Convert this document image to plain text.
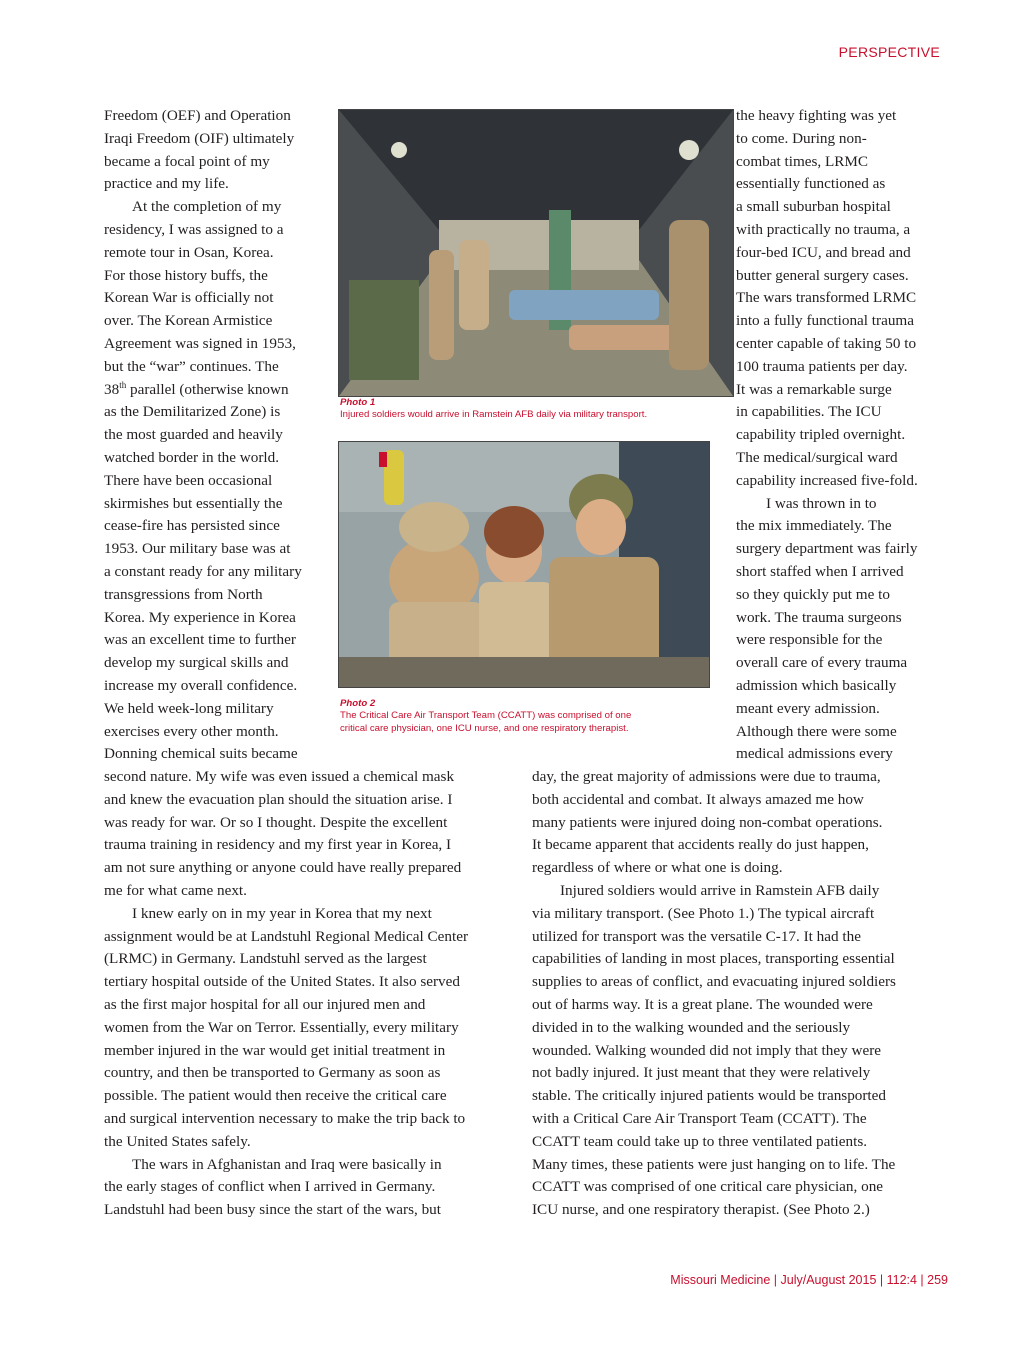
PERSPECTIVE
Freedom (OEF) and Operation
Iraqi Freedom (OIF) ultimately
became a focal point of my
practice and my life.
At the completion of my
residency, I was assigned to a
remote tour in Osan, Korea.
For those history buffs, the
Korean War is officially not
over. The Korean Armistice
Agreement was signed in 1953,
but the “war” continues. The
38th parallel (otherwise known
as the Demilitarized Zone) is
the most guarded and heavily
watched border in the world.
There have been occasional
skirmishes but essentially the
cease-fire has persisted since
1953. Our military base was at
a constant ready for any military
transgressions from North
Korea. My experience in Korea
was an excellent time to further
develop my surgical skills and
increase my overall confidence.
We held week-long military
exercises every other month.
Donning chemical suits became
second nature. My wife was even issued a chemical mask
and knew the evacuation plan should the situation arise. I
was ready for war. Or so I thought. Despite the excellent
trauma training in residency and my first year in Korea, I
am not sure anything or anyone could have really prepared
me for what came next.
I knew early on in my year in Korea that my next
assignment would be at Landstuhl Regional Medical Center
(LRMC) in Germany. Landstuhl served as the largest
tertiary hospital outside of the United States. It also served
as the first major hospital for all our injured men and
women from the War on Terror. Essentially, every military
member injured in the war would get initial treatment in
country, and then be transported to Germany as soon as
possible. The patient would then receive the critical care
and surgical intervention necessary to make the trip back to
the United States safely.
The wars in Afghanistan and Iraq were basically in
the early stages of conflict when I arrived in Germany.
Landstuhl had been busy since the start of the wars, but
the heavy fighting was yet
to come. During non-
combat times, LRMC
essentially functioned as
a small suburban hospital
with practically no trauma, a
four-bed ICU, and bread and
butter general surgery cases.
The wars transformed LRMC
into a fully functional trauma
center capable of taking 50 to
100 trauma patients per day.
It was a remarkable surge
in capabilities. The ICU
capability tripled overnight.
The medical/surgical ward
capability increased five-fold.
I was thrown in to
the mix immediately. The
surgery department was fairly
short staffed when I arrived
so they quickly put me to
work. The trauma surgeons
were responsible for the
overall care of every trauma
admission which basically
meant every admission.
Although there were some
medical admissions every
day, the great majority of admissions were due to trauma,
both accidental and combat. It always amazed me how
many patients were injured doing non-combat operations.
It became apparent that accidents really do just happen,
regardless of where or what one is doing.
Injured soldiers would arrive in Ramstein AFB daily
via military transport. (See Photo 1.) The typical aircraft
utilized for transport was the versatile C-17. It had the
capabilities of landing in most places, transporting essential
supplies to areas of conflict, and evacuating injured soldiers
out of harms way. It is a great plane. The wounded were
divided in to the walking wounded and the seriously
wounded. Walking wounded did not imply that they were
not badly injured. It just meant that they were relatively
stable. The critically injured patients would be transported
with a Critical Care Air Transport Team (CCATT). The
CCATT team could take up to three ventilated patients.
Many times, these patients were just hanging on to life. The
CCATT was comprised of one critical care physician, one
ICU nurse, and one respiratory therapist. (See Photo 2.)
Photo 1
Injured soldiers would arrive in Ramstein AFB daily via military transport.
Photo 2
The Critical Care Air Transport Team (CCATT) was comprised of one
critical care physician, one ICU nurse, and one respiratory therapist.
Missouri Medicine | July/August 2015 | 112:4 | 259
